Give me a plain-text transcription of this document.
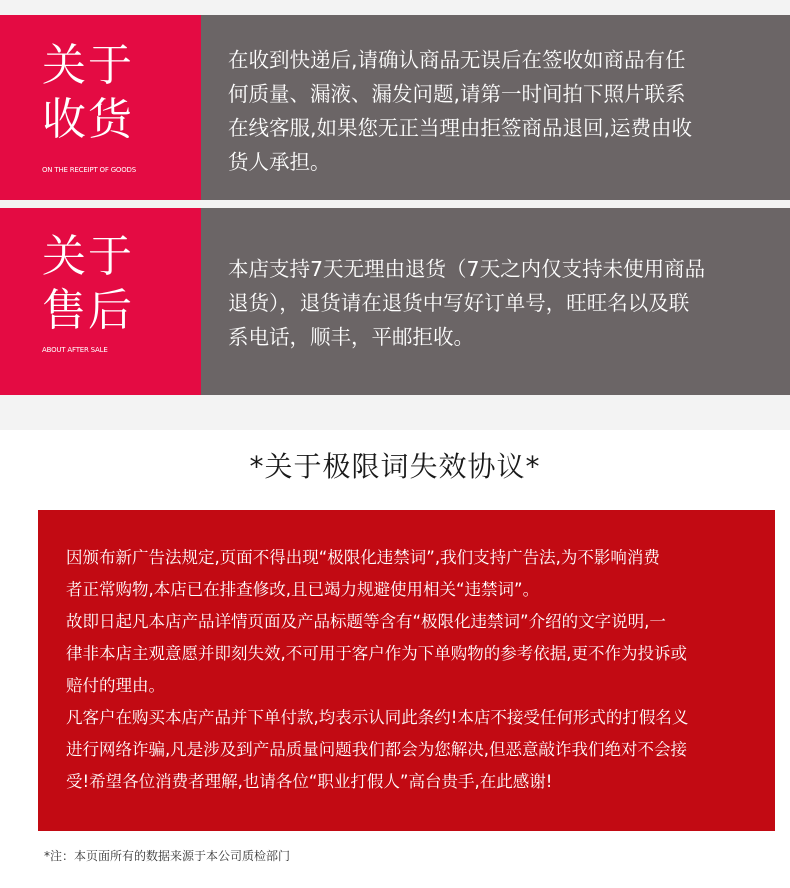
关于
收货
ON THE RECEIPT OF GOODS
在收到快递后,请确认商品无误后在签收如商品有任
何质量、漏液、漏发问题,请第一时间拍下照片联系
在线客服,如果您无正当理由拒签商品退回,运费由收
货人承担。
关于
售后
ABOUT AFTER SALE
本店支持7天无理由退货（7天之内仅支持未使用商品
退货），退货请在退货中写好订单号，旺旺名以及联
系电话，顺丰，平邮拒收。
*关于极限词失效协议*

因颁布新广告法规定,页面不得出现“极限化违禁词”,我们支持广告法,为不影响消费

者正常购物,本店已在排查修改,且已竭力规避使用相关“违禁词”。

故即日起凡本店产品详情页面及产品标题等含有“极限化违禁词”介绍的文字说明,一

律非本店主观意愿并即刻失效,不可用于客户作为下单购物的参考依据,更不作为投诉或

赔付的理由。

凡客户在购买本店产品并下单付款,均表示认同此条约!本店不接受任何形式的打假名义

进行网络诈骗,凡是涉及到产品质量问题我们都会为您解决,但恶意敲诈我们绝对不会接

受!希望各位消费者理解,也请各位“职业打假人”高台贵手,在此感谢!

*注：本页面所有的数据来源于本公司质检部门
